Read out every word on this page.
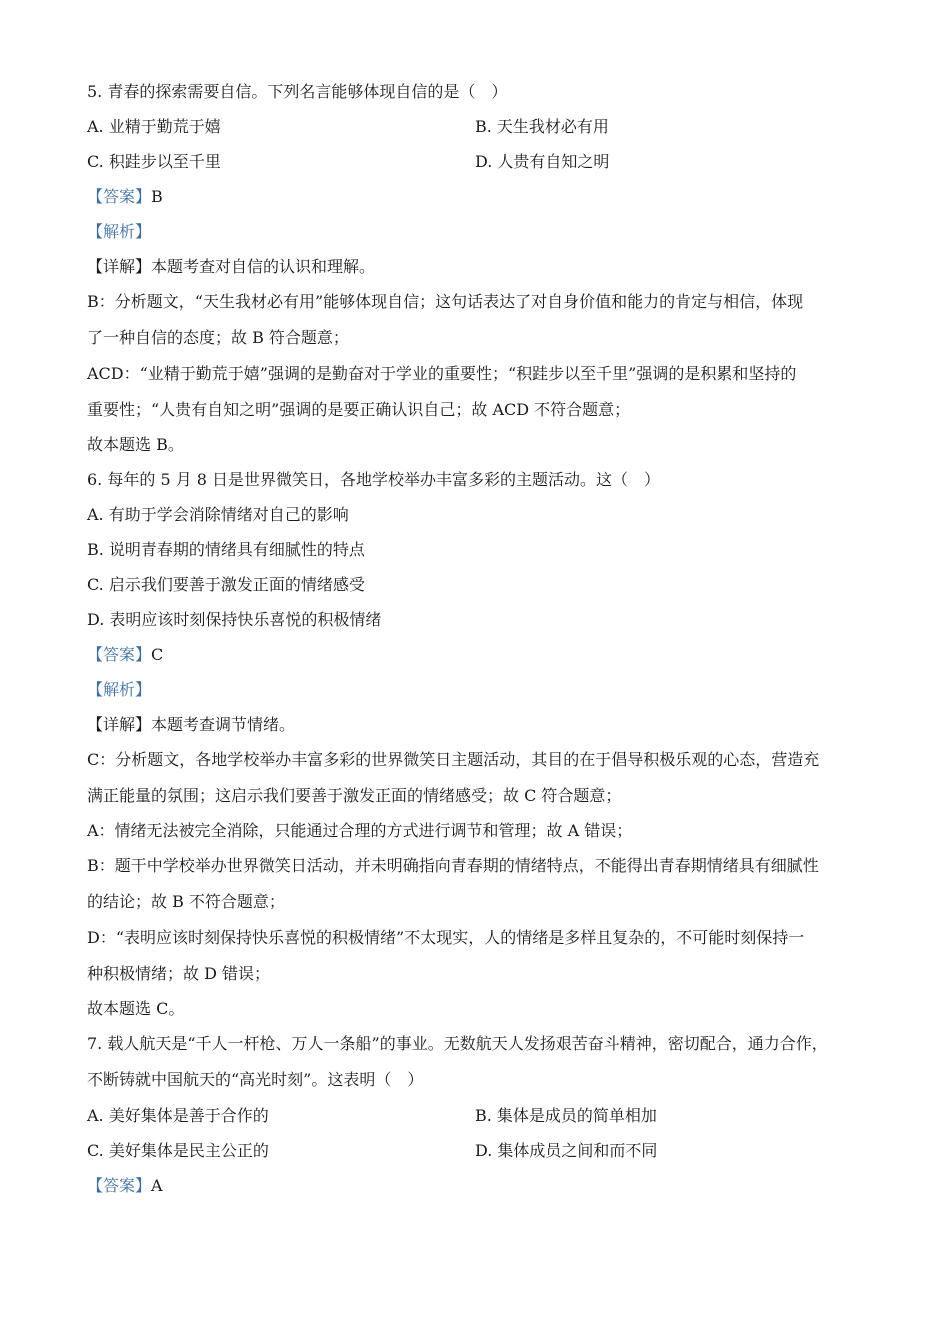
5. 青春的探索需要自信。下列名言能够体现自信的是（　）
A. 业精于勤荒于嬉	B. 天生我材必有用
C. 积跬步以至千里	D. 人贵有自知之明
【答案】B
【解析】
【详解】本题考查对自信的认识和理解。
B：分析题文，“天生我材必有用”能够体现自信；这句话表达了对自身价值和能力的肯定与相信，体现
了一种自信的态度；故 B 符合题意；
ACD：“业精于勤荒于嬉”强调的是勤奋对于学业的重要性；“积跬步以至千里”强调的是积累和坚持的
重要性；“人贵有自知之明”强调的是要正确认识自己；故 ACD 不符合题意；
故本题选 B。
6. 每年的 5 月 8 日是世界微笑日，各地学校举办丰富多彩的主题活动。这（　）
A. 有助于学会消除情绪对自己的影响
B. 说明青春期的情绪具有细腻性的特点
C. 启示我们要善于激发正面的情绪感受
D. 表明应该时刻保持快乐喜悦的积极情绪
【答案】C
【解析】
【详解】本题考查调节情绪。
C：分析题文，各地学校举办丰富多彩的世界微笑日主题活动，其目的在于倡导积极乐观的心态，营造充
满正能量的氛围；这启示我们要善于激发正面的情绪感受；故 C 符合题意；
A：情绪无法被完全消除，只能通过合理的方式进行调节和管理；故 A 错误；
B：题干中学校举办世界微笑日活动，并未明确指向青春期的情绪特点，不能得出青春期情绪具有细腻性
的结论；故 B 不符合题意；
D：“表明应该时刻保持快乐喜悦的积极情绪”不太现实，人的情绪是多样且复杂的，不可能时刻保持一
种积极情绪；故 D 错误；
故本题选 C。
7. 载人航天是“千人一杆枪、万人一条船”的事业。无数航天人发扬艰苦奋斗精神，密切配合，通力合作，
不断铸就中国航天的“高光时刻”。这表明（　）
A. 美好集体是善于合作的	B. 集体是成员的简单相加
C. 美好集体是民主公正的	D. 集体成员之间和而不同
【答案】A
